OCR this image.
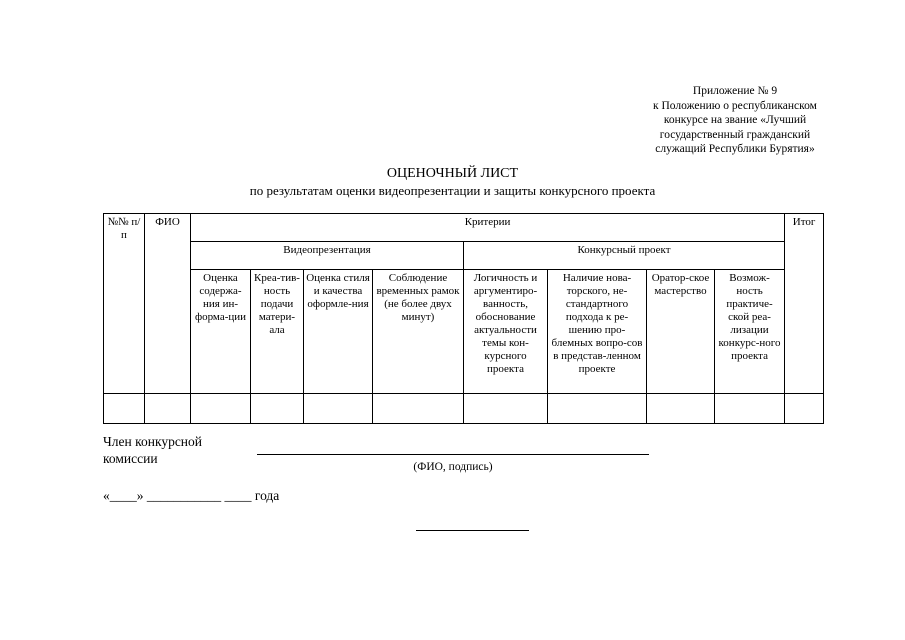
Приложение № 9
к Положению о республиканском
конкурсе на звание «Лучший
государственный гражданский
служащий Республики Бурятия»
ОЦЕНОЧНЫЙ ЛИСТ
по результатам оценки видеопрезентации и защиты конкурсного проекта
№№ п/п	ФИО	Критерии								Итог
		Видеопрезентация				Конкурсный проект				
		Оценка содержа-ния ин-форма-ции	Креа-тив-ность подачи матери-ала	Оценка стиля и качества оформле-ния	Соблюдение временных рамок (не более двух минут)	Логичность и аргументиро-ванность, обоснование актуальности темы кон-курсного проекта	Наличие нова-торского, не-стандартного подхода к ре-шению про-блемных вопро-сов в представ-ленном проекте	Оратор-ское мастерство	Возмож-ность практиче-ской реа-лизации конкурс-ного проекта	

Член конкурсной
комиссии
(ФИО, подпись)
«____» ___________ ____ года
